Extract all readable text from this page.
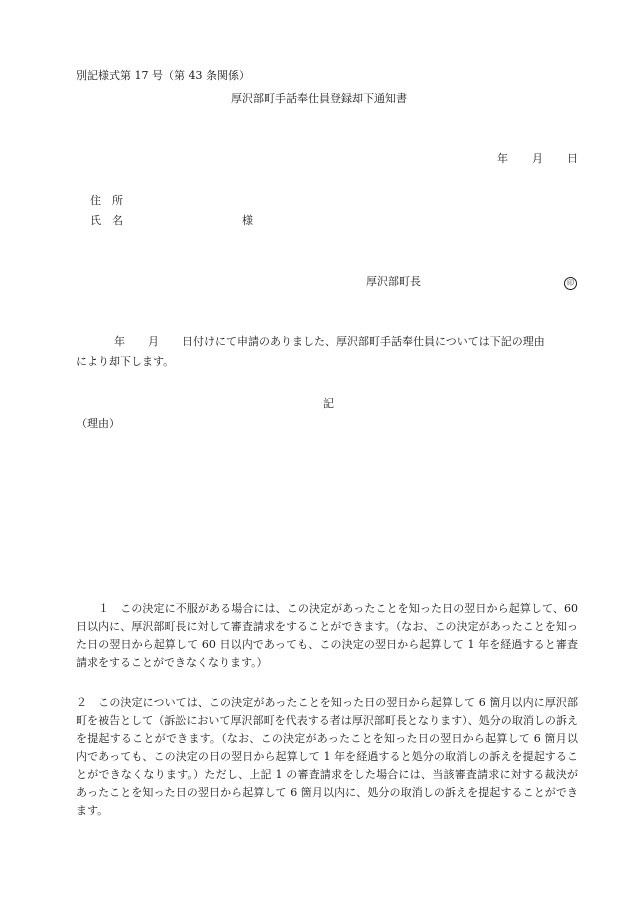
別記様式第 17 号（第 43 条関係）
厚沢部町手話奉仕員登録却下通知書
年 月 日
住　所
氏　名	様
厚沢部町長	印
年 月 日付けにて申請のありました、厚沢部町手話奉仕員については下記の理由
により却下します。
記
（理由）
１　 この決定に不服がある場合には、この決定があったことを知った日の翌日から起算して、60 日以内に、厚沢部町長に対して審査請求をすることができます。（なお、この決定があったことを知った日の翌日から起算して 60 日以内であっても、この決定の翌日から起算して 1 年を経過すると審査請求をすることができなくなります。）
２　 この決定については、この決定があったことを知った日の翌日から起算して 6 箇月以内に厚沢部町を被告として（訴訟において厚沢部町を代表する者は厚沢部町長となります）、処分の取消しの訴えを提起することができます。（なお、この決定があったことを知った日の翌日から起算して 6 箇月以内であっても、この決定の日の翌日から起算して 1 年を経過すると処分の取消しの訴えを提起することができなくなります。）ただし、上記 1 の審査請求をした場合には、当該審査請求に対する裁決があったことを知った日の翌日から起算して 6 箇月以内に、処分の取消しの訴えを提起することができます。
